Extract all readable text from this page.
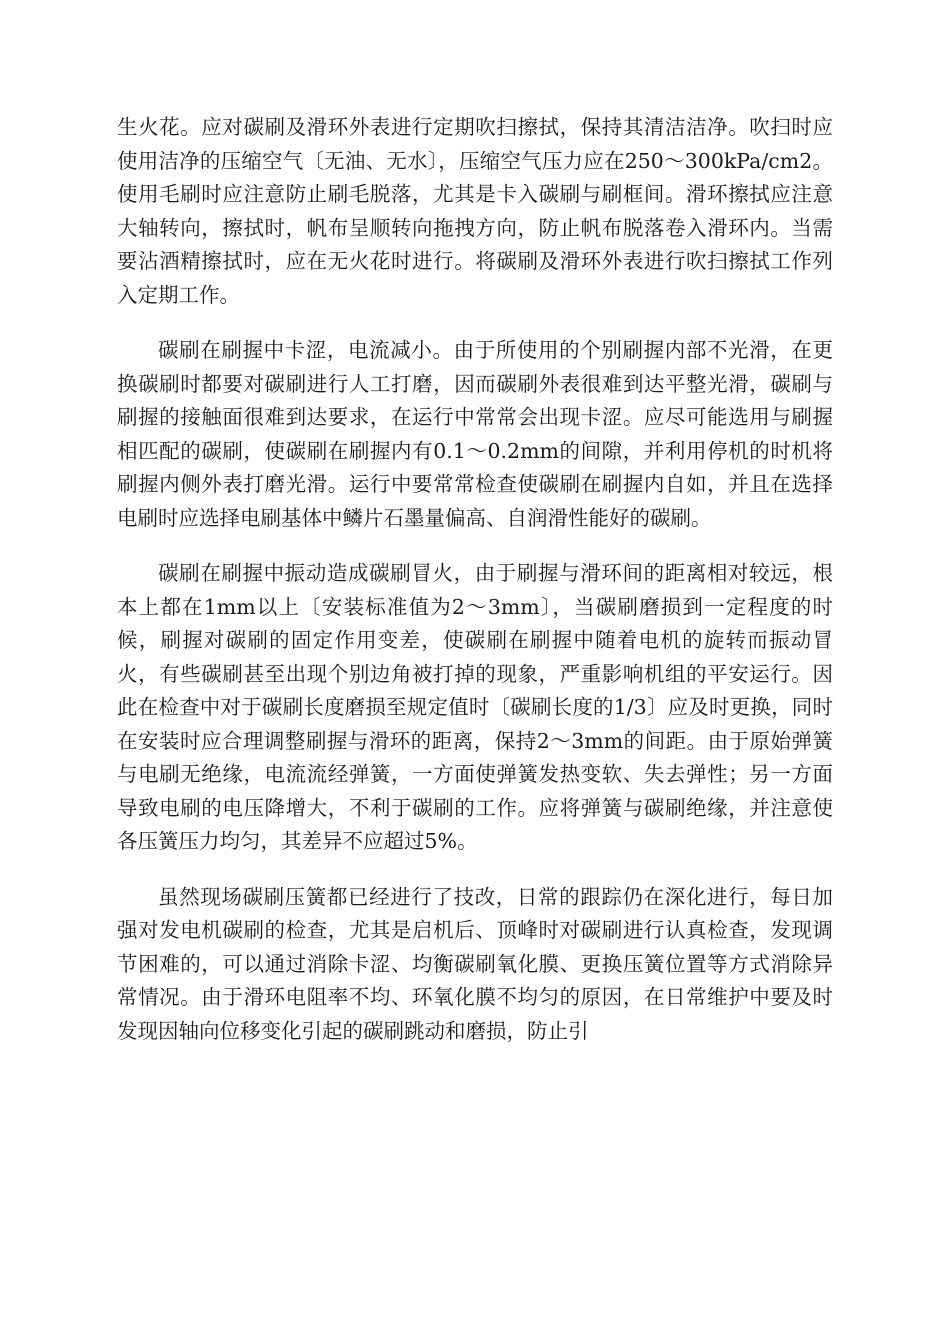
生火花。应对碳刷及滑环外表进行定期吹扫擦拭，保持其清洁洁净。吹扫时应使用洁净的压缩空气〔无油、无水〕，压缩空气压力应在250～300kPa/cm2。使用毛刷时应注意防止刷毛脱落，尤其是卡入碳刷与刷框间。滑环擦拭应注意大轴转向，擦拭时，帆布呈顺转向拖拽方向，防止帆布脱落卷入滑环内。当需要沾酒精擦拭时，应在无火花时进行。将碳刷及滑环外表进行吹扫擦拭工作列入定期工作。

碳刷在刷握中卡涩，电流减小。由于所使用的个别刷握内部不光滑，在更换碳刷时都要对碳刷进行人工打磨，因而碳刷外表很难到达平整光滑，碳刷与刷握的接触面很难到达要求，在运行中常常会出现卡涩。应尽可能选用与刷握相匹配的碳刷，使碳刷在刷握内有0.1～0.2mm的间隙，并利用停机的时机将刷握内侧外表打磨光滑。运行中要常常检查使碳刷在刷握内自如，并且在选择电刷时应选择电刷基体中鳞片石墨量偏高、自润滑性能好的碳刷。

碳刷在刷握中振动造成碳刷冒火，由于刷握与滑环间的距离相对较远，根本上都在1mm以上〔安装标准值为2～3mm〕，当碳刷磨损到一定程度的时候，刷握对碳刷的固定作用变差，使碳刷在刷握中随着电机的旋转而振动冒火，有些碳刷甚至出现个别边角被打掉的现象，严重影响机组的平安运行。因此在检查中对于碳刷长度磨损至规定值时〔碳刷长度的1/3〕应及时更换，同时在安装时应合理调整刷握与滑环的距离，保持2～3mm的间距。由于原始弹簧与电刷无绝缘，电流流经弹簧，一方面使弹簧发热变软、失去弹性；另一方面导致电刷的电压降增大，不利于碳刷的工作。应将弹簧与碳刷绝缘，并注意使各压簧压力均匀，其差异不应超过5%。

虽然现场碳刷压簧都已经进行了技改，日常的跟踪仍在深化进行，每日加强对发电机碳刷的检查，尤其是启机后、顶峰时对碳刷进行认真检查，发现调节困难的，可以通过消除卡涩、均衡碳刷氧化膜、更换压簧位置等方式消除异常情况。由于滑环电阻率不均、环氧化膜不均匀的原因，在日常维护中要及时发现因轴向位移变化引起的碳刷跳动和磨损，防止引
